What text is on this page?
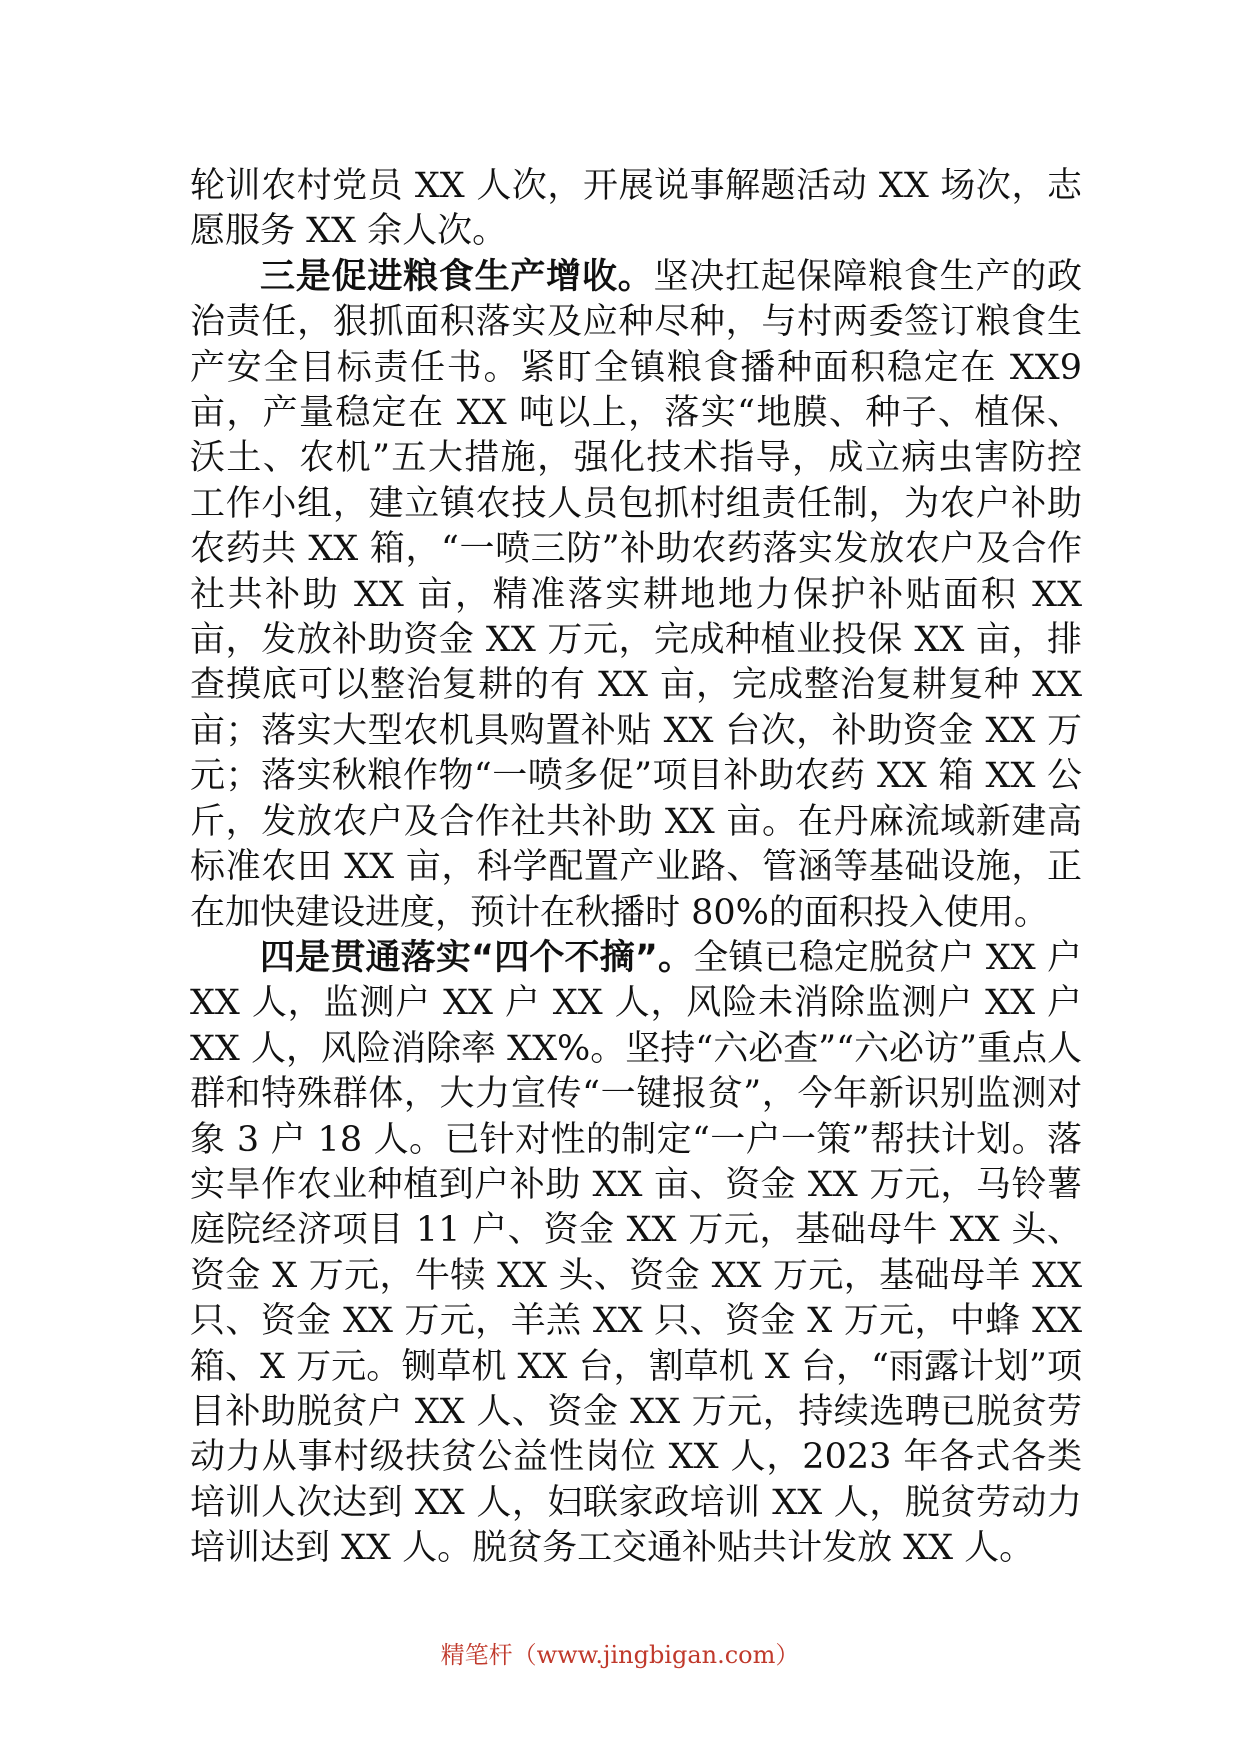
轮训农村党员 XX 人次，开展说事解题活动 XX 场次，志愿服务 XX 余人次。

三是促进粮食生产增收。坚决扛起保障粮食生产的政治责任，狠抓面积落实及应种尽种，与村两委签订粮食生产安全目标责任书。紧盯全镇粮食播种面积稳定在 XX9 亩，产量稳定在 XX 吨以上，落实“地膜、种子、植保、沃土、农机”五大措施，强化技术指导，成立病虫害防控工作小组，建立镇农技人员包抓村组责任制，为农户补助农药共 XX 箱，“一喷三防”补助农药落实发放农户及合作社共补助 XX 亩，精准落实耕地地力保护补贴面积 XX 亩，发放补助资金 XX 万元，完成种植业投保 XX 亩，排查摸底可以整治复耕的有 XX 亩，完成整治复耕复种 XX 亩；落实大型农机具购置补贴 XX 台次，补助资金 XX 万元；落实秋粮作物“一喷多促”项目补助农药 XX 箱 XX 公斤，发放农户及合作社共补助 XX 亩。在丹麻流域新建高标准农田 XX 亩，科学配置产业路、管涵等基础设施，正在加快建设进度，预计在秋播时 80%的面积投入使用。

四是贯通落实“四个不摘”。全镇已稳定脱贫户 XX 户 XX 人，监测户 XX 户 XX 人，风险未消除监测户 XX 户 XX 人，风险消除率 XX%。坚持“六必查”“六必访”重点人群和特殊群体，大力宣传“一键报贫”，今年新识别监测对象 3 户 18 人。已针对性的制定“一户一策”帮扶计划。落实旱作农业种植到户补助 XX 亩、资金 XX 万元，马铃薯庭院经济项目 11 户、资金 XX 万元，基础母牛 XX 头、资金 X 万元，牛犊 XX 头、资金 XX 万元，基础母羊 XX 只、资金 XX 万元，羊羔 XX 只、资金 X 万元，中蜂 XX 箱、X 万元。铡草机 XX 台，割草机 X 台，“雨露计划”项目补助脱贫户 XX 人、资金 XX 万元，持续选聘已脱贫劳动力从事村级扶贫公益性岗位 XX 人，2023 年各式各类培训人次达到 XX 人，妇联家政培训 XX 人，脱贫劳动力培训达到 XX 人。脱贫务工交通补贴共计发放 XX 人。

精笔杆（www.jingbigan.com）
